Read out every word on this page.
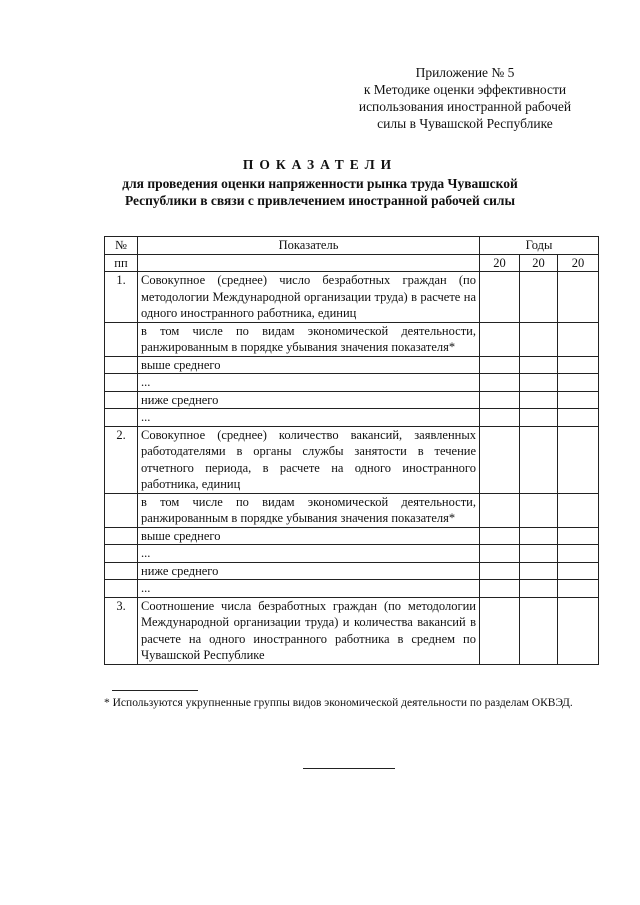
Приложение № 5
к Методике оценки эффективности
использования иностранной рабочей
силы в Чувашской Республике
ПОКАЗАТЕЛИ
для проведения оценки напряженности рынка труда Чувашской
Республики в связи с привлечением иностранной рабочей силы
№	Показатель	Годы		
пп		20	20	20
1.	Совокупное (среднее) число безработных граждан (по методологии Международной организации труда) в расчете на одного иностранного работника, единиц			
	в том числе по видам экономической деятельности, ранжированным в порядке убывания значения показателя*			
	выше среднего			
	...			
	ниже среднего			
	...			
2.	Совокупное (среднее) количество вакансий, заявленных работодателями в органы службы занятости в течение отчетного периода, в расчете на одного иностранного работника, единиц			
	в том числе по видам экономической деятельности, ранжированным в порядке убывания значения показателя*			
	выше среднего			
	...			
	ниже среднего			
	...			
3.	Соотношение числа безработных граждан (по методологии Международной организации труда) и количества вакансий в расчете на одного иностранного работника в среднем по Чувашской Республике			
* Используются укрупненные группы видов экономической деятельности по разделам ОКВЭД.
